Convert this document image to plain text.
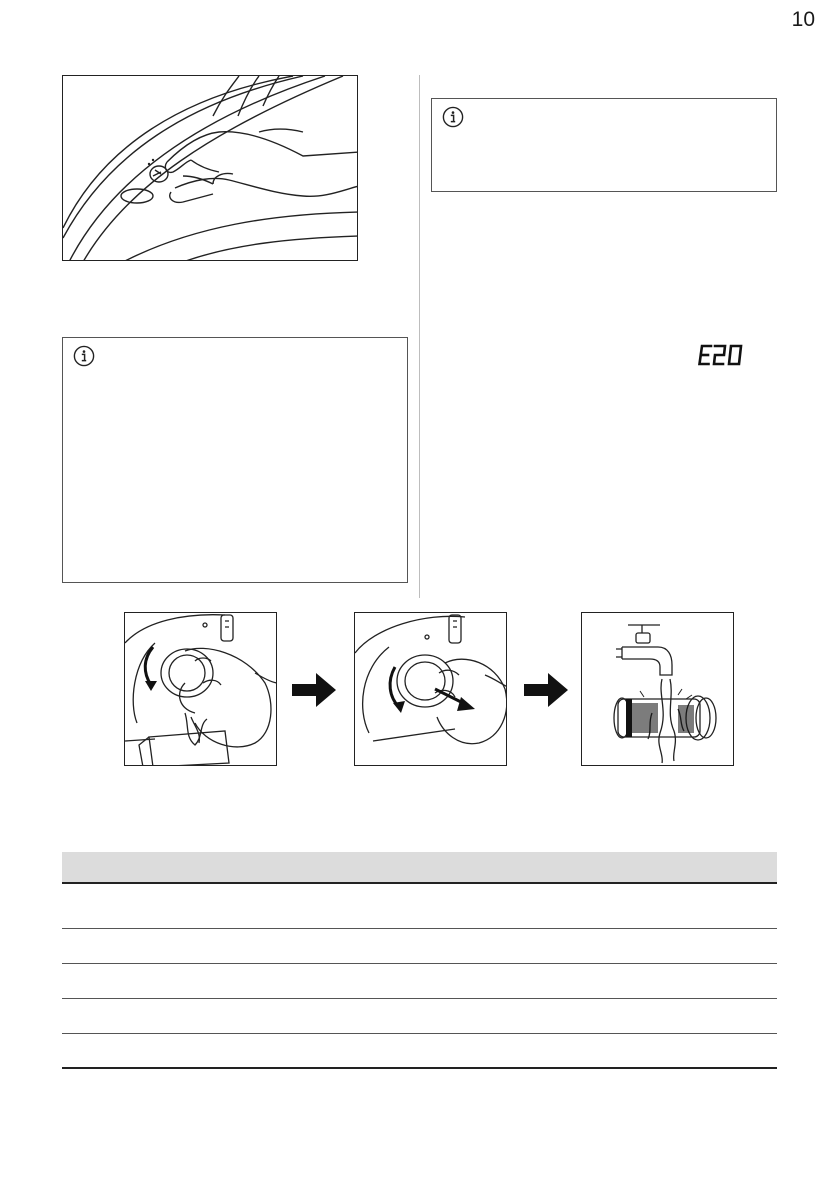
10
